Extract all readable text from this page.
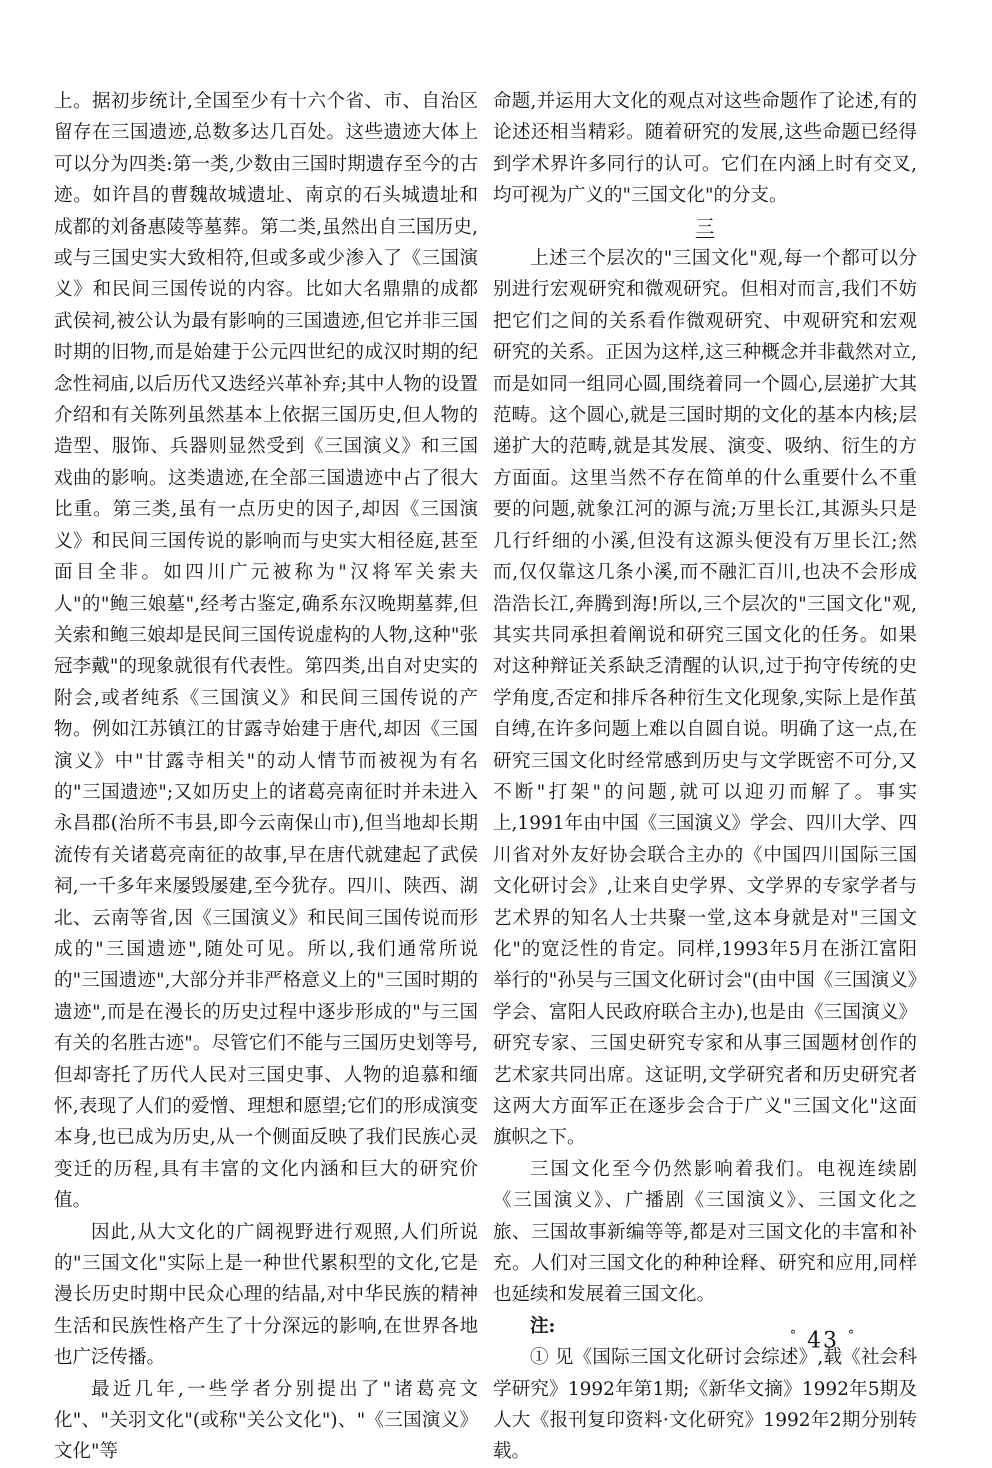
上。据初步统计,全国至少有十六个省、市、自治区留存在三国遗迹,总数多达几百处。这些遗迹大体上可以分为四类:第一类,少数由三国时期遗存至今的古迹。如许昌的曹魏故城遗址、南京的石头城遗址和成都的刘备惠陵等墓葬。第二类,虽然出自三国历史,或与三国史实大致相符,但或多或少渗入了《三国演义》和民间三国传说的内容。比如大名鼎鼎的成都武侯祠,被公认为最有影响的三国遗迹,但它并非三国时期的旧物,而是始建于公元四世纪的成汉时期的纪念性祠庙,以后历代又迭经兴革补弃;其中人物的设置介绍和有关陈列虽然基本上依据三国历史,但人物的造型、服饰、兵器则显然受到《三国演义》和三国戏曲的影响。这类遗迹,在全部三国遗迹中占了很大比重。第三类,虽有一点历史的因子,却因《三国演义》和民间三国传说的影响而与史实大相径庭,甚至面目全非。如四川广元被称为"汉将军关索夫人"的"鲍三娘墓",经考古鉴定,确系东汉晚期墓葬,但关索和鲍三娘却是民间三国传说虚构的人物,这种"张冠李戴"的现象就很有代表性。第四类,出自对史实的附会,或者纯系《三国演义》和民间三国传说的产物。例如江苏镇江的甘露寺始建于唐代,却因《三国演义》中"甘露寺相关"的动人情节而被视为有名的"三国遗迹";又如历史上的诸葛亮南征时并未进入永昌郡(治所不韦县,即今云南保山市),但当地却长期流传有关诸葛亮南征的故事,早在唐代就建起了武侯祠,一千多年来屡毁屡建,至今犹存。四川、陕西、湖北、云南等省,因《三国演义》和民间三国传说而形成的"三国遗迹",随处可见。所以,我们通常所说的"三国遗迹",大部分并非严格意义上的"三国时期的遗迹",而是在漫长的历史过程中逐步形成的"与三国有关的名胜古迹"。尽管它们不能与三国历史划等号,但却寄托了历代人民对三国史事、人物的追慕和缅怀,表现了人们的爱憎、理想和愿望;它们的形成演变本身,也已成为历史,从一个侧面反映了我们民族心灵变迁的历程,具有丰富的文化内涵和巨大的研究价值。

因此,从大文化的广阔视野进行观照,人们所说的"三国文化"实际上是一种世代累积型的文化,它是漫长历史时期中民众心理的结晶,对中华民族的精神生活和民族性格产生了十分深远的影响,在世界各地也广泛传播。

最近几年,一些学者分别提出了"诸葛亮文化"、"关羽文化"(或称"关公文化")、"《三国演义》文化"等

命题,并运用大文化的观点对这些命题作了论述,有的论述还相当精彩。随着研究的发展,这些命题已经得到学术界许多同行的认可。它们在内涵上时有交叉,均可视为广义的"三国文化"的分支。

三

上述三个层次的"三国文化"观,每一个都可以分别进行宏观研究和微观研究。但相对而言,我们不妨把它们之间的关系看作微观研究、中观研究和宏观研究的关系。正因为这样,这三种概念并非截然对立,而是如同一组同心圆,围绕着同一个圆心,层递扩大其范畴。这个圆心,就是三国时期的文化的基本内核;层递扩大的范畴,就是其发展、演变、吸纳、衍生的方方面面。这里当然不存在简单的什么重要什么不重要的问题,就象江河的源与流;万里长江,其源头只是几行纤细的小溪,但没有这源头便没有万里长江;然而,仅仅靠这几条小溪,而不融汇百川,也决不会形成浩浩长江,奔腾到海!所以,三个层次的"三国文化"观,其实共同承担着阐说和研究三国文化的任务。如果对这种辩证关系缺乏清醒的认识,过于拘守传统的史学角度,否定和排斥各种衍生文化现象,实际上是作茧自缚,在许多问题上难以自圆自说。明确了这一点,在研究三国文化时经常感到历史与文学既密不可分,又不断"打架"的问题,就可以迎刃而解了。事实上,1991年由中国《三国演义》学会、四川大学、四川省对外友好协会联合主办的《中国四川国际三国文化研讨会》,让来自史学界、文学界的专家学者与艺术界的知名人士共聚一堂,这本身就是对"三国文化"的宽泛性的肯定。同样,1993年5月在浙江富阳举行的"孙吴与三国文化研讨会"(由中国《三国演义》学会、富阳人民政府联合主办),也是由《三国演义》研究专家、三国史研究专家和从事三国题材创作的艺术家共同出席。这证明,文学研究者和历史研究者这两大方面军正在逐步会合于广义"三国文化"这面旗帜之下。

三国文化至今仍然影响着我们。电视连续剧《三国演义》、广播剧《三国演义》、三国文化之旅、三国故事新编等等,都是对三国文化的丰富和补充。人们对三国文化的种种诠释、研究和应用,同样也延续和发展着三国文化。

注:

① 见《国际三国文化研讨会综述》,载《社会科学研究》1992年第1期;《新华文摘》1992年5期及人大《报刊复印资料·文化研究》1992年2期分别转载。

° 43 °
